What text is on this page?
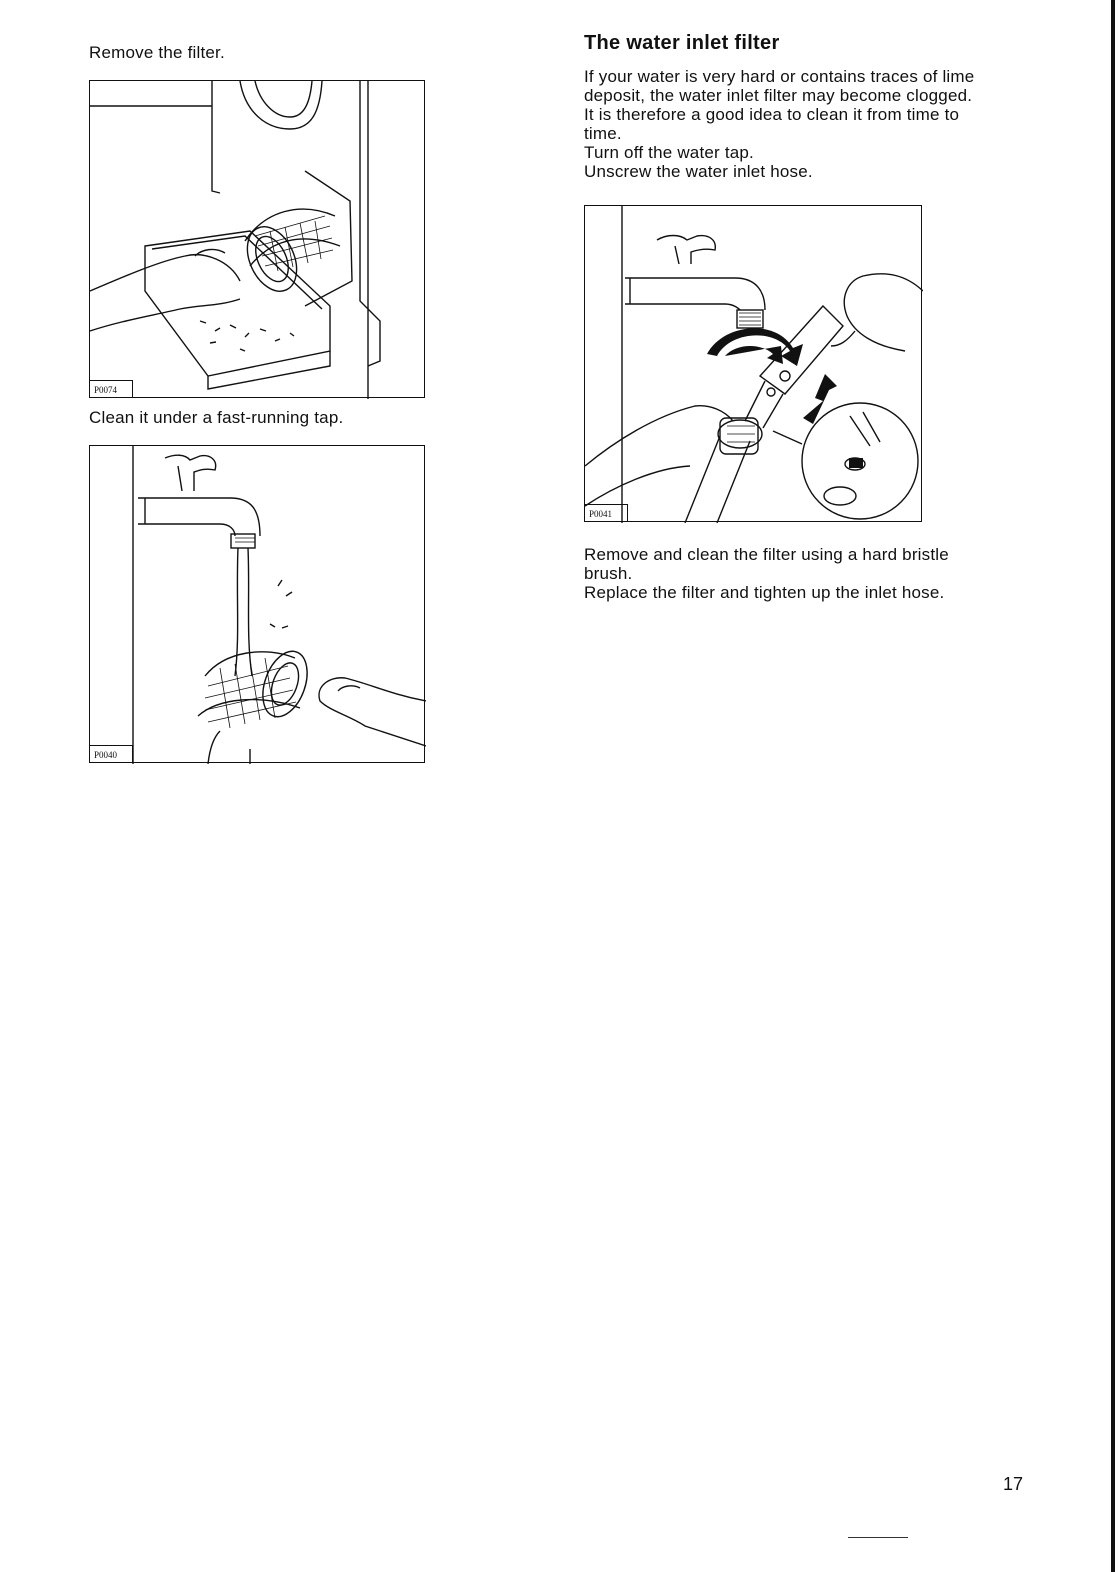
Remove the filter.
P0074
Clean it under a fast-running tap.
P0040
The water inlet filter
If your water is very hard or contains traces of lime
deposit, the water inlet filter may become clogged.
It is therefore a good idea to clean it from time to
time.
Turn off the water tap.
Unscrew the water inlet hose.
P0041
Remove and clean the filter using a hard bristle
brush.
Replace the filter and tighten up the inlet hose.
17
